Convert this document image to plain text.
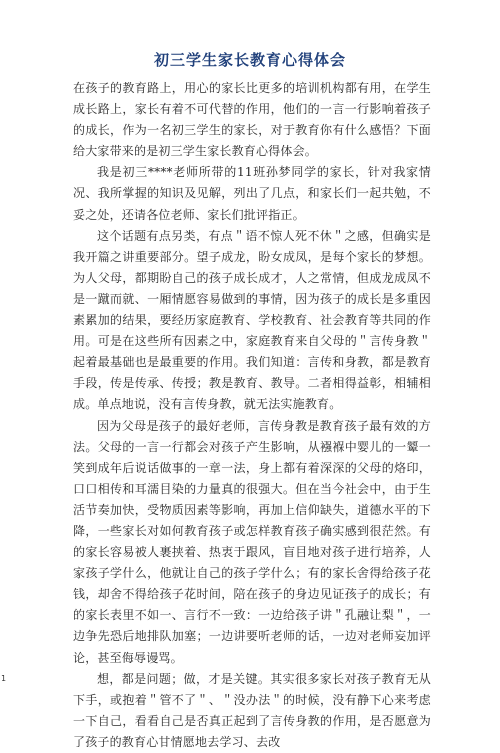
初三学生家长教育心得体会

在孩子的教育路上，用心的家长比更多的培训机构都有用，在学生成长路上，家长有着不可代替的作用，他们的一言一行影响着孩子的成长，作为一名初三学生的家长，对于教育你有什么感悟？下面给大家带来的是初三学生家长教育心得体会。

我是初三****老师所带的11班孙梦同学的家长，针对我家情况、我所掌握的知识及见解，列出了几点，和家长们一起共勉，不妥之处，还请各位老师、家长们批评指正。

这个话题有点另类，有点＂语不惊人死不休＂之感，但确实是我开篇之讲重要部分。望子成龙，盼女成凤，是每个家长的梦想。为人父母，都期盼自己的孩子成长成才，人之常情，但成龙成凤不是一蹴而就、一厢情愿容易做到的事情，因为孩子的成长是多重因素累加的结果，要经历家庭教育、学校教育、社会教育等共同的作用。可是在这些所有因素之中，家庭教育来自父母的＂言传身教＂起着最基础也是最重要的作用。我们知道：言传和身教，都是教育手段，传是传承、传授；教是教育、教导。二者相得益彰，相辅相成。单点地说，没有言传身教，就无法实施教育。

因为父母是孩子的最好老师，言传身教是教育孩子最有效的方法。父母的一言一行都会对孩子产生影响，从襁褓中婴儿的一颦一笑到成年后说话做事的一章一法，身上都有着深深的父母的烙印，口口相传和耳濡目染的力量真的很强大。但在当今社会中，由于生活节奏加快，受物质因素等影响，再加上信仰缺失，道德水平的下降，一些家长对如何教育孩子或怎样教育孩子确实感到很茫然。有的家长容易被人裹挟着、热衷于跟风，盲目地对孩子进行培养，人家孩子学什么，他就让自己的孩子学什么；有的家长舍得给孩子花钱，却舍不得给孩子花时间，陪在孩子的身边见证孩子的成长；有的家长表里不如一、言行不一致：一边给孩子讲＂孔融让梨＂，一边争先恐后地排队加塞；一边讲要听老师的话，一边对老师妄加评论，甚至侮辱谩骂。

想，都是问题；做，才是关键。其实很多家长对孩子教育无从下手，或抱着＂管不了＂、＂没办法＂的时候，没有静下心来考虑一下自己，看看自己是否真正起到了言传身教的作用，是否愿意为了孩子的教育心甘情愿地去学习、去改

1
